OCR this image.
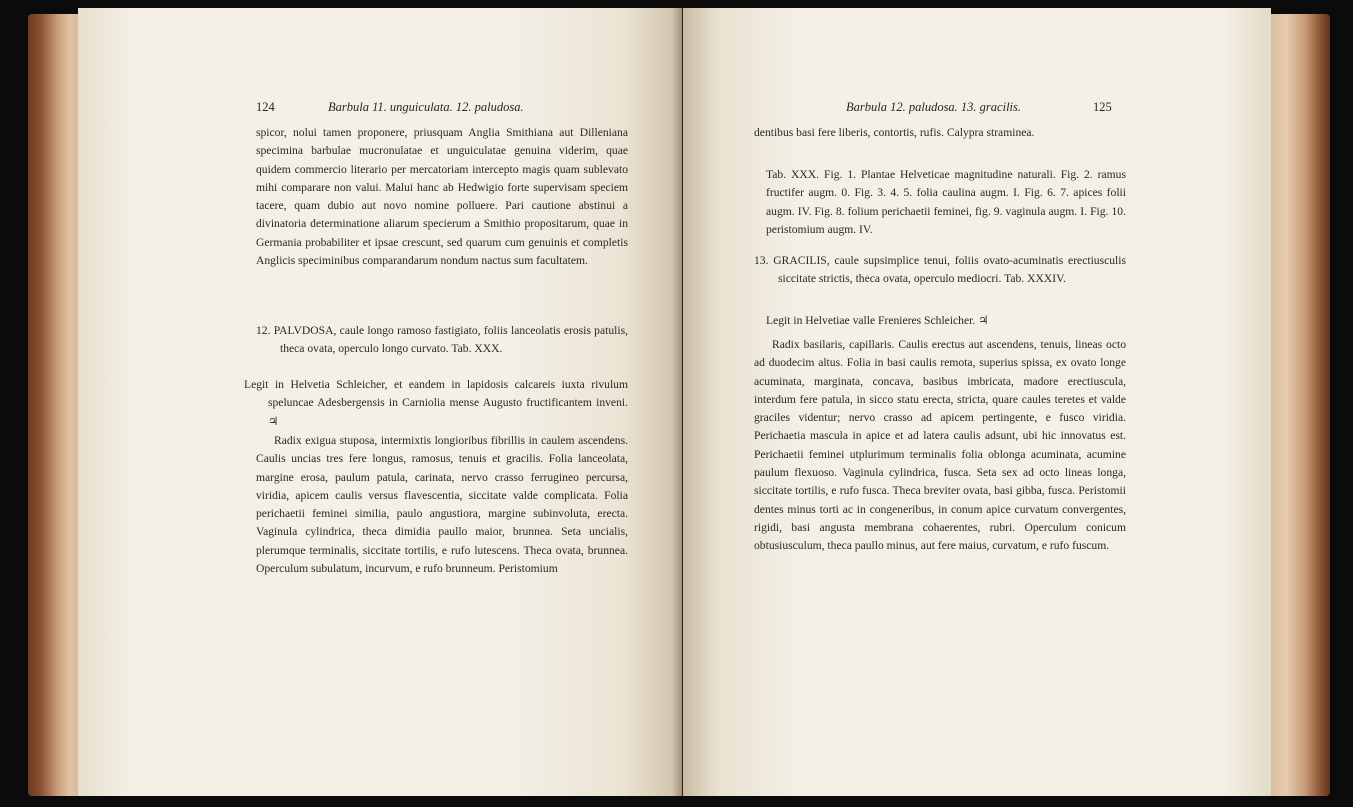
124	Barbula 11. unguiculata. 12. paludosa.

spicor, nolui tamen proponere, priusquam Anglia Smithiana aut Dilleniana specimina barbulae mucronulatae et unguiculatae genuina viderim, quae quidem commercio literario per mercatoriam intercepto magis quam sublevato mihi comparare non valui. Malui hanc ab Hedwigio forte supervisam speciem tacere, quam dubio aut novo nomine polluere. Pari cautione abstinui a divinatoria determinatione aliarum specierum a Smithio propositarum, quae in Germania probabiliter et ipsae crescunt, sed quarum cum genuinis et completis Anglicis speciminibus comparandarum nondum nactus sum facultatem.

12. PALVDOSA, caule longo ramoso fastigiato, foliis lanceolatis erosis patulis, theca ovata, operculo longo curvato. Tab. XXX.

Legit in Helvetia Schleicher, et eandem in lapidosis calcareis iuxta rivulum speluncae Adesbergensis in Carniolia mense Augusto fructificantem inveni. ♃

Radix exigua stuposa, intermixtis longioribus fibrillis in caulem ascendens. Caulis uncias tres fere longus, ramosus, tenuis et gracilis. Folia lanceolata, margine erosa, paulum patula, carinata, nervo crasso ferrugineo percursa, viridia, apicem caulis versus flavescentia, siccitate valde complicata. Folia perichaetii feminei similia, paulo angustiora, margine subinvoluta, erecta. Vaginula cylindrica, theca dimidia paullo maior, brunnea. Seta uncialis, plerumque terminalis, siccitate tortilis, e rufo lutescens. Theca ovata, brunnea. Operculum subulatum, incurvum, e rufo brunneum. Peristomium

Barbula 12. paludosa. 13. gracilis.	125

dentibus basi fere liberis, contortis, rufis. Calypra straminea.

Tab. XXX. Fig. 1. Plantae Helveticae magnitudine naturali. Fig. 2. ramus fructifer augm. 0. Fig. 3. 4. 5. folia caulina augm. I. Fig. 6. 7. apices folii augm. IV. Fig. 8. folium perichaetii feminei, fig. 9. vaginula augm. I. Fig. 10. peristomium augm. IV.

13. GRACILIS, caule supsimplice tenui, foliis ovato-acuminatis erectiusculis siccitate strictis, theca ovata, operculo mediocri. Tab. XXXIV.

Legit in Helvetiae valle Frenieres Schleicher. ♃

Radix basilaris, capillaris. Caulis erectus aut ascendens, tenuis, lineas octo ad duodecim altus. Folia in basi caulis remota, superius spissa, ex ovato longe acuminata, marginata, concava, basibus imbricata, madore erectiuscula, interdum fere patula, in sicco statu erecta, stricta, quare caules teretes et valde graciles videntur; nervo crasso ad apicem pertingente, e fusco viridia. Perichaetia mascula in apice et ad latera caulis adsunt, ubi hic innovatus est. Perichaetii feminei utplurimum terminalis folia oblonga acuminata, acumine paulum flexuoso. Vaginula cylindrica, fusca. Seta sex ad octo lineas longa, siccitate tortilis, e rufo fusca. Theca breviter ovata, basi gibba, fusca. Peristomii dentes minus torti ac in congeneribus, in conum apice curvatum convergentes, rigidi, basi angusta membrana cohaerentes, rubri. Operculum conicum obtusiusculum, theca paullo minus, aut fere maius, curvatum, e rufo fuscum.
